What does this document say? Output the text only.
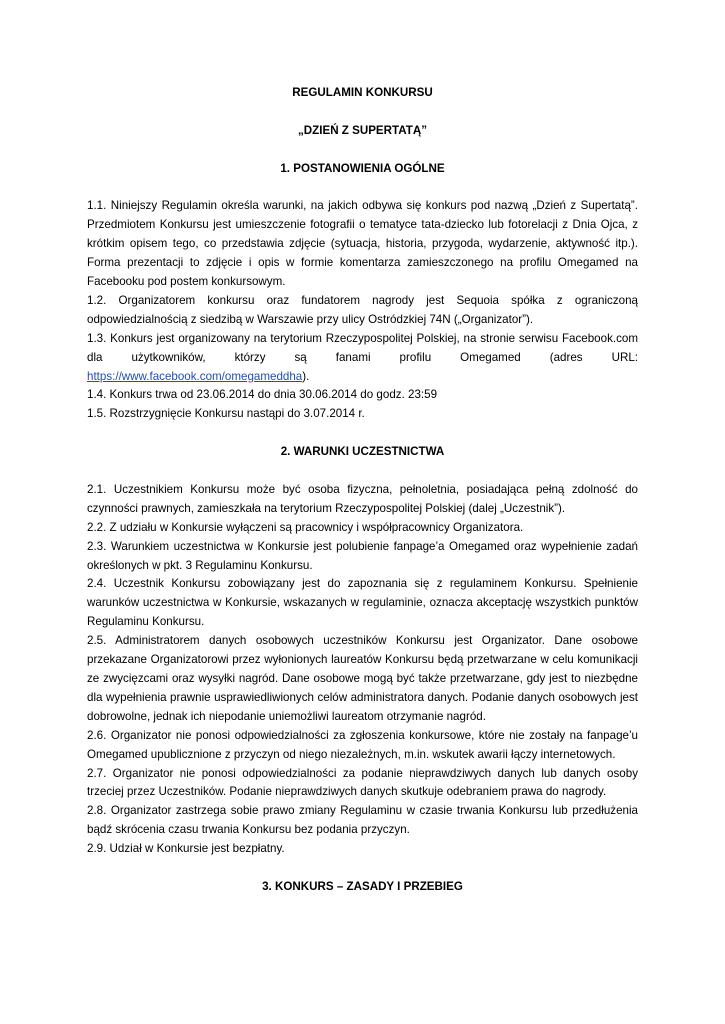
REGULAMIN KONKURSU

„DZIEŃ Z SUPERTATĄ”

1. POSTANOWIENIA OGÓLNE

1.1. Niniejszy Regulamin określa warunki, na jakich odbywa się konkurs pod nazwą „Dzień z Supertatą”. Przedmiotem Konkursu jest umieszczenie fotografii o tematyce tata-dziecko lub fotorelacji z Dnia Ojca, z krótkim opisem tego, co przedstawia zdjęcie (sytuacja, historia, przygoda, wydarzenie, aktywność itp.). Forma prezentacji to zdjęcie i opis w formie komentarza zamieszczonego na profilu Omegamed na Facebooku pod postem konkursowym.

1.2. Organizatorem konkursu oraz fundatorem nagrody jest Sequoia spółka z ograniczoną odpowiedzialnością z siedzibą w Warszawie przy ulicy Ostródzkiej 74N („Organizator”).

1.3. Konkurs jest organizowany na terytorium Rzeczypospolitej Polskiej, na stronie serwisu Facebook.com dla użytkowników, którzy są fanami profilu Omegamed (adres URL: https://www.facebook.com/omegameddha).

1.4. Konkurs trwa od 23.06.2014 do dnia 30.06.2014 do godz. 23:59

1.5. Rozstrzygnięcie Konkursu nastąpi do 3.07.2014 r.

2. WARUNKI UCZESTNICTWA

2.1. Uczestnikiem Konkursu może być osoba fizyczna, pełnoletnia, posiadająca pełną zdolność do czynności prawnych, zamieszkała na terytorium Rzeczypospolitej Polskiej (dalej „Uczestnik”).

2.2. Z udziału w Konkursie wyłączeni są pracownicy i współpracownicy Organizatora.

2.3. Warunkiem uczestnictwa w Konkursie jest polubienie fanpage’a Omegamed oraz wypełnienie zadań określonych w pkt. 3 Regulaminu Konkursu.

2.4. Uczestnik Konkursu zobowiązany jest do zapoznania się z regulaminem Konkursu. Spełnienie warunków uczestnictwa w Konkursie, wskazanych w regulaminie, oznacza akceptację wszystkich punktów Regulaminu Konkursu.

2.5. Administratorem danych osobowych uczestników Konkursu jest Organizator. Dane osobowe przekazane Organizatorowi przez wyłonionych laureatów Konkursu będą przetwarzane w celu komunikacji ze zwycięzcami oraz wysyłki nagród. Dane osobowe mogą być także przetwarzane, gdy jest to niezbędne dla wypełnienia prawnie usprawiedliwionych celów administratora danych. Podanie danych osobowych jest dobrowolne, jednak ich niepodanie uniemożliwi laureatom otrzymanie nagród.

2.6. Organizator nie ponosi odpowiedzialności za zgłoszenia konkursowe, które nie zostały na fanpage’u Omegamed upublicznione z przyczyn od niego niezależnych, m.in. wskutek awarii łączy internetowych.

2.7. Organizator nie ponosi odpowiedzialności za podanie nieprawdziwych danych lub danych osoby trzeciej przez Uczestników. Podanie nieprawdziwych danych skutkuje odebraniem prawa do nagrody.

2.8. Organizator zastrzega sobie prawo zmiany Regulaminu w czasie trwania Konkursu lub przedłużenia bądź skrócenia czasu trwania Konkursu bez podania przyczyn.

2.9. Udział w Konkursie jest bezpłatny.

3. KONKURS – ZASADY I PRZEBIEG
